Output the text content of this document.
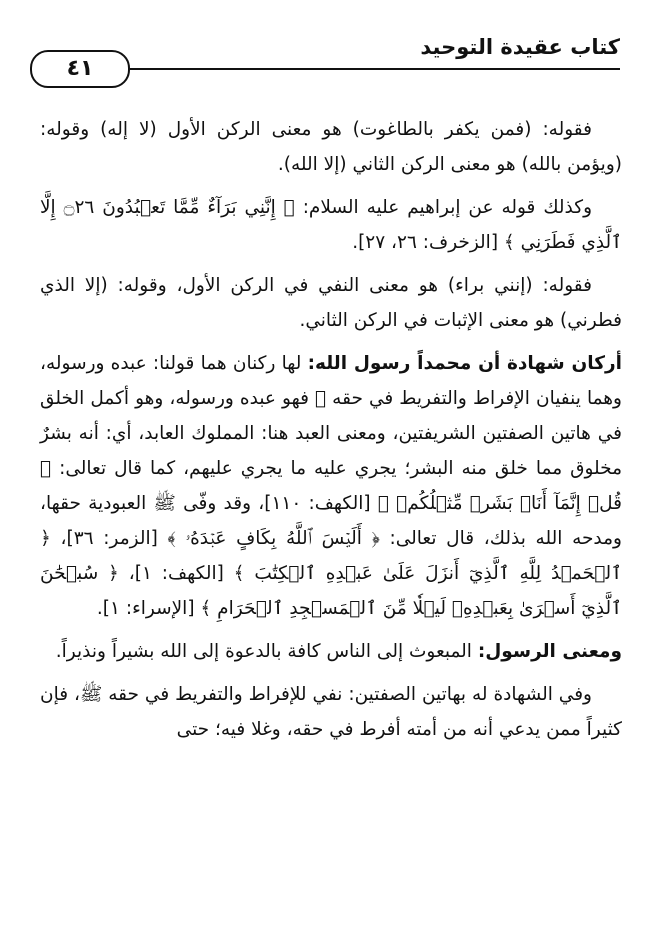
كتاب عقيدة التوحيد
٤١

فقوله: (فمن يكفر بالطاغوت) هو معنى الركن الأول (لا إله) وقوله: (ويؤمن بالله) هو معنى الركن الثاني (إلا الله).

وكذلك قوله عن إبراهيم عليه السلام: ﴿ إِنَّنِي بَرَآءٌ مِّمَّا تَعۡبُدُونَ ۝٢٦ إِلَّا ٱلَّذِي فَطَرَنِي ﴾ [الزخرف: ٢٦، ٢٧].

فقوله: (إنني براء) هو معنى النفي في الركن الأول، وقوله: (إلا الذي فطرني) هو معنى الإثبات في الركن الثاني.

أركان شهادة أن محمداً رسول الله: لها ركنان هما قولنا: عبده ورسوله، وهما ينفيان الإفراط والتفريط في حقه ﷺ فهو عبده ورسوله، وهو أكمل الخلق في هاتين الصفتين الشريفتين، ومعنى العبد هنا: المملوك العابد، أي: أنه بشرٌ مخلوق مما خلق منه البشر؛ يجري عليه ما يجري عليهم، كما قال تعالى: ﴿ قُلۡ إِنَّمَآ أَنَا۠ بَشَرٞ مِّثۡلُكُمۡ ﴾ [الكهف: ١١٠]، وقد وفّى ﷺ العبودية حقها، ومدحه الله بذلك، قال تعالى: ﴿ أَلَيۡسَ ٱللَّهُ بِكَافٍ عَبۡدَهُۥ ﴾ [الزمر: ٣٦]، ﴿ ٱلۡحَمۡدُ لِلَّهِ ٱلَّذِيٓ أَنزَلَ عَلَىٰ عَبۡدِهِ ٱلۡكِتَٰبَ ﴾ [الكهف: ١]، ﴿ سُبۡحَٰنَ ٱلَّذِيٓ أَسۡرَىٰ بِعَبۡدِهِۦ لَيۡلٗا مِّنَ ٱلۡمَسۡجِدِ ٱلۡحَرَامِ ﴾ [الإسراء: ١].

ومعنى الرسول: المبعوث إلى الناس كافة بالدعوة إلى الله بشيراً ونذيراً.

وفي الشهادة له بهاتين الصفتين: نفي للإفراط والتفريط في حقه ﷺ، فإن كثيراً ممن يدعي أنه من أمته أفرط في حقه، وغلا فيه؛ حتى
